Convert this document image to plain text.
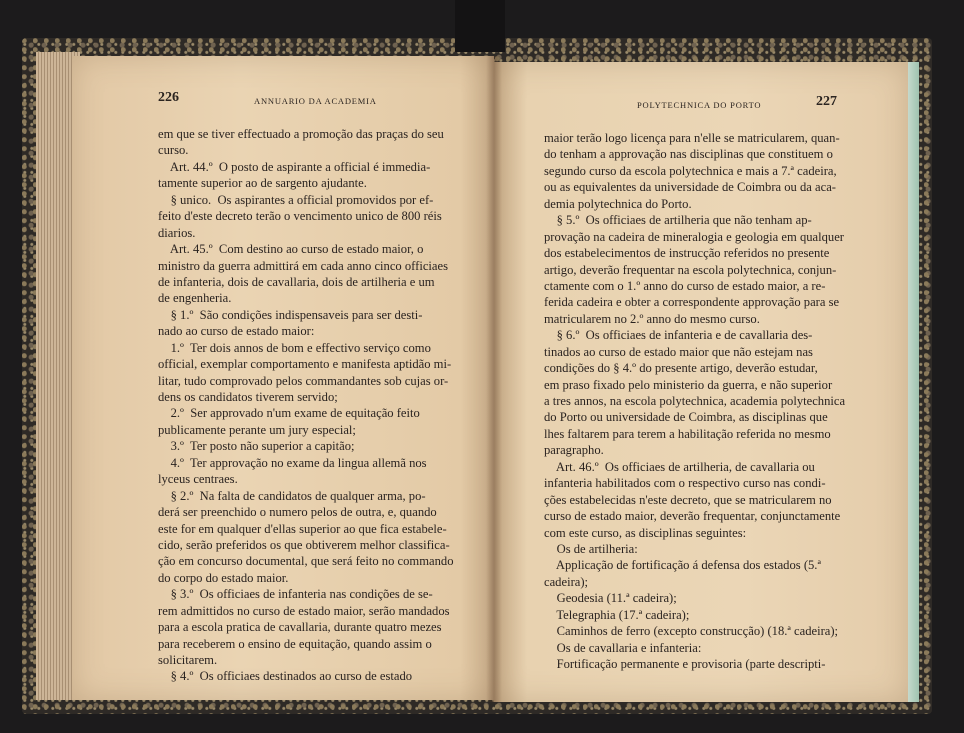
226	ANNUARIO DA ACADEMIA
em que se tiver effectuado a promoção das praças do seu
curso.
Art. 44.º  O posto de aspirante a official é immedia-
tamente superior ao de sargento ajudante.
§ unico.  Os aspirantes a official promovidos por ef-
feito d'este decreto terão o vencimento unico de 800 réis
diarios.
Art. 45.º  Com destino ao curso de estado maior, o
ministro da guerra admittirá em cada anno cinco officiaes
de infanteria, dois de cavallaria, dois de artilheria e um
de engenheria.
§ 1.º  São condições indispensaveis para ser desti-
nado ao curso de estado maior:
1.º  Ter dois annos de bom e effectivo serviço como
official, exemplar comportamento e manifesta aptidão mi-
litar, tudo comprovado pelos commandantes sob cujas or-
dens os candidatos tiverem servido;
2.º  Ser approvado n'um exame de equitação feito
publicamente perante um jury especial;
3.º  Ter posto não superior a capitão;
4.º  Ter approvação no exame da lingua allemã nos
lyceus centraes.
§ 2.º  Na falta de candidatos de qualquer arma, po-
derá ser preenchido o numero pelos de outra, e, quando
este for em qualquer d'ellas superior ao que fica estabele-
cido, serão preferidos os que obtiverem melhor classifica-
ção em concurso documental, que será feito no commando
do corpo do estado maior.
§ 3.º  Os officiaes de infanteria nas condições de se-
rem admittidos no curso de estado maior, serão mandados
para a escola pratica de cavallaria, durante quatro mezes
para receberem o ensino de equitação, quando assim o
solicitarem.
§ 4.º  Os officiaes destinados ao curso de estado
POLYTECHNICA DO PORTO	227
maior terão logo licença para n'elle se matricularem, quan-
do tenham a approvação nas disciplinas que constituem o
segundo curso da escola polytechnica e mais a 7.ª cadeira,
ou as equivalentes da universidade de Coimbra ou da aca-
demia polytechnica do Porto.
§ 5.º  Os officiaes de artilheria que não tenham ap-
provação na cadeira de mineralogia e geologia em qualquer
dos estabelecimentos de instrucção referidos no presente
artigo, deverão frequentar na escola polytechnica, conjun-
ctamente com o 1.º anno do curso de estado maior, a re-
ferida cadeira e obter a correspondente approvação para se
matricularem no 2.º anno do mesmo curso.
§ 6.º  Os officiaes de infanteria e de cavallaria des-
tinados ao curso de estado maior que não estejam nas
condições do § 4.º do presente artigo, deverão estudar,
em praso fixado pelo ministerio da guerra, e não superior
a tres annos, na escola polytechnica, academia polytechnica
do Porto ou universidade de Coimbra, as disciplinas que
lhes faltarem para terem a habilitação referida no mesmo
paragrapho.
Art. 46.º  Os officiaes de artilheria, de cavallaria ou
infanteria habilitados com o respectivo curso nas condi-
ções estabelecidas n'este decreto, que se matricularem no
curso de estado maior, deverão frequentar, conjunctamente
com este curso, as disciplinas seguintes:
Os de artilheria:
Applicação de fortificação á defensa dos estados (5.ª
cadeira);
Geodesia (11.ª cadeira);
Telegraphia (17.ª cadeira);
Caminhos de ferro (excepto construcção) (18.ª cadeira);
Os de cavallaria e infanteria:
Fortificação permanente e provisoria (parte descripti-
